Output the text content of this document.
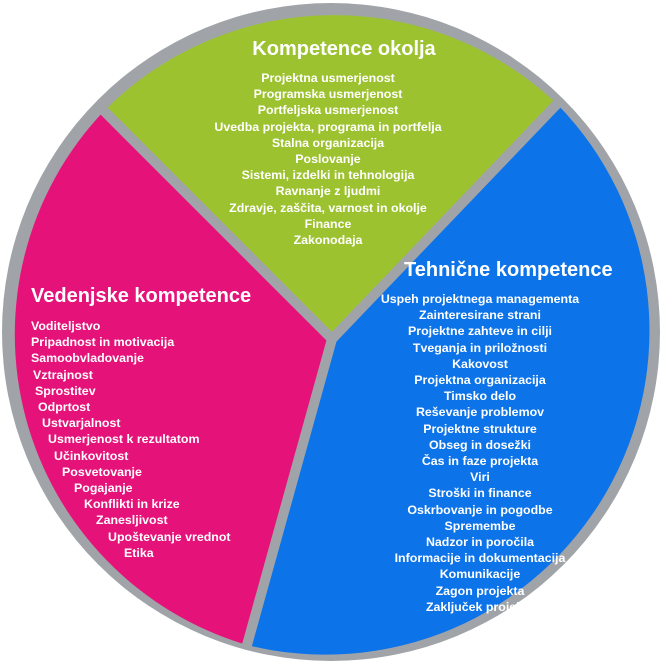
Kompetence okolja
Projektna usmerjenost
Programska usmerjenost
Portfeljska usmerjenost
Uvedba projekta, programa in portfelja
Stalna organizacija
Poslovanje
Sistemi, izdelki in tehnologija
Ravnanje z ljudmi
Zdravje, zaščita, varnost in okolje
Finance
Zakonodaja
Tehnične kompetence
Uspeh projektnega managementa
Zainteresirane strani
Projektne zahteve in cilji
Tveganja in priložnosti
Kakovost
Projektna organizacija
Timsko delo
Reševanje problemov
Projektne strukture
Obseg in dosežki
Čas in faze projekta
Viri
Stroški in finance
Oskrbovanje in pogodbe
Spremembe
Nadzor in poročila
Informacije in dokumentacija
Komunikacije
Zagon projekta
Zaključek projekta
Vedenjske kompetence
Voditeljstvo
Pripadnost in motivacija
Samoobvladovanje
Vztrajnost
Sprostitev
Odprtost
Ustvarjalnost
Usmerjenost k rezultatom
Učinkovitost
Posvetovanje
Pogajanje
Konflikti in krize
Zanesljivost
Upoštevanje vrednot
Etika
